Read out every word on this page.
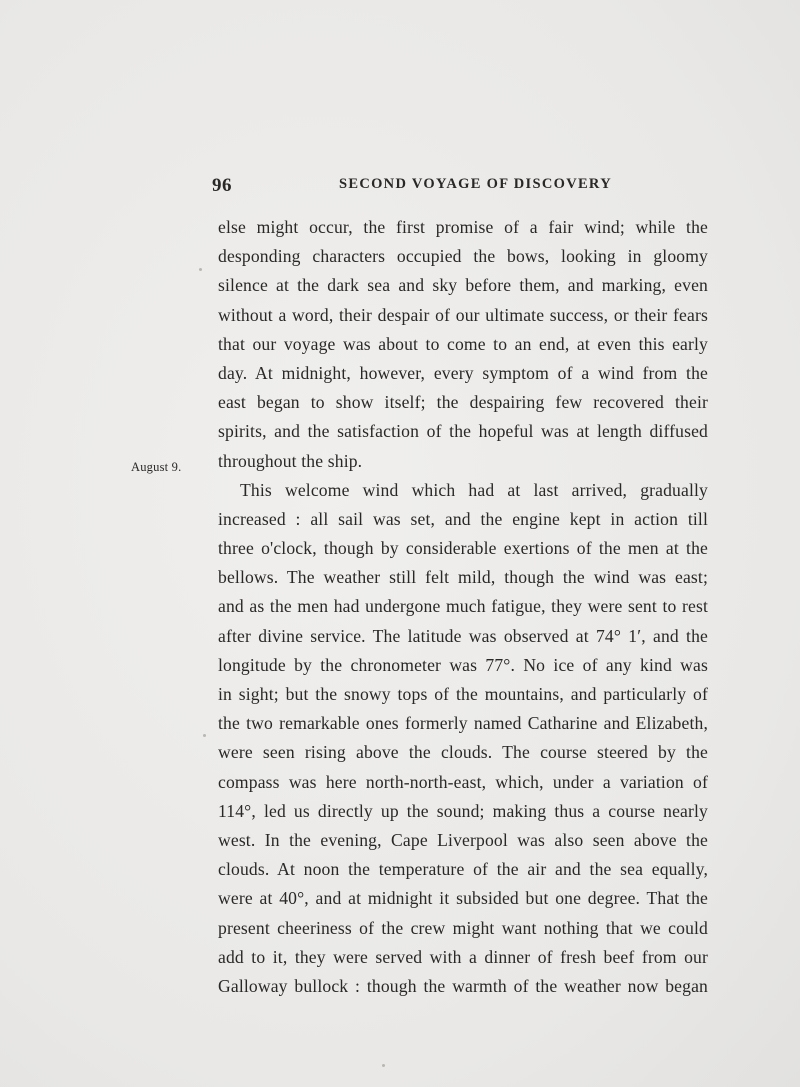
96	SECOND VOYAGE OF DISCOVERY
August 9.
else might occur, the first promise of a fair wind; while the
desponding characters occupied the bows, looking in gloomy
silence at the dark sea and sky before them, and marking, even
without a word, their despair of our ultimate success, or their fears
that our voyage was about to come to an end, at even this early
day. At midnight, however, every symptom of a wind from the
east began to show itself; the despairing few recovered their
spirits, and the satisfaction of the hopeful was at length diffused
throughout the ship.
This welcome wind which had at last arrived, gradually
increased : all sail was set, and the engine kept in action till
three o'clock, though by considerable exertions of the men at the
bellows. The weather still felt mild, though the wind was east;
and as the men had undergone much fatigue, they were sent to rest
after divine service. The latitude was observed at 74° 1′, and the
longitude by the chronometer was 77°. No ice of any kind was
in sight; but the snowy tops of the mountains, and particularly of
the two remarkable ones formerly named Catharine and Elizabeth,
were seen rising above the clouds. The course steered by the
compass was here north-north-east, which, under a variation of
114°, led us directly up the sound; making thus a course nearly
west. In the evening, Cape Liverpool was also seen above the
clouds. At noon the temperature of the air and the sea equally,
were at 40°, and at midnight it subsided but one degree. That the
present cheeriness of the crew might want nothing that we could
add to it, they were served with a dinner of fresh beef from our
Galloway bullock : though the warmth of the weather now began
